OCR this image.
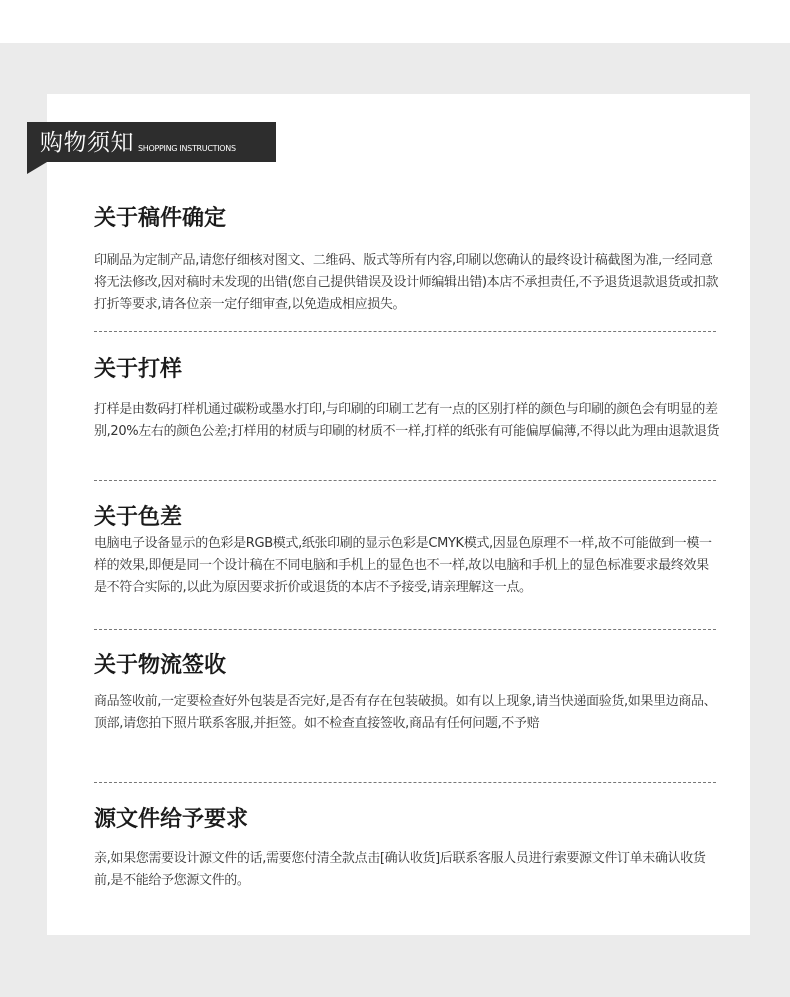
购物须知 SHOPPING INSTRUCTIONS
关于稿件确定

印刷品为定制产品,请您仔细核对图文、二维码、版式等所有内容,印刷以您确认的最终设计稿截图为准,一经同意将无法修改,因对稿时未发现的出错(您自己提供错误及设计师编辑出错)本店不承担责任,不予退货退款退货或扣款打折等要求,请各位亲一定仔细审查,以免造成相应损失。

关于打样

打样是由数码打样机通过碳粉或墨水打印,与印刷的印刷工艺有一点的区别打样的颜色与印刷的颜色会有明显的差别,20%左右的颜色公差;打样用的材质与印刷的材质不一样,打样的纸张有可能偏厚偏薄,不得以此为理由退款退货

关于色差

电脑电子设备显示的色彩是RGB模式,纸张印刷的显示色彩是CMYK模式,因显色原理不一样,故不可能做到一模一样的效果,即便是同一个设计稿在不同电脑和手机上的显色也不一样,故以电脑和手机上的显色标准要求最终效果是不符合实际的,以此为原因要求折价或退货的本店不予接受,请亲理解这一点。

关于物流签收

商品签收前,一定要检查好外包装是否完好,是否有存在包装破损。如有以上现象,请当快递面验货,如果里边商品、顶部,请您拍下照片联系客服,并拒签。如不检查直接签收,商品有任何问题,不予赔

源文件给予要求

亲,如果您需要设计源文件的话,需要您付清全款点击[确认收货]后联系客服人员进行索要源文件订单未确认收货前,是不能给予您源文件的。
